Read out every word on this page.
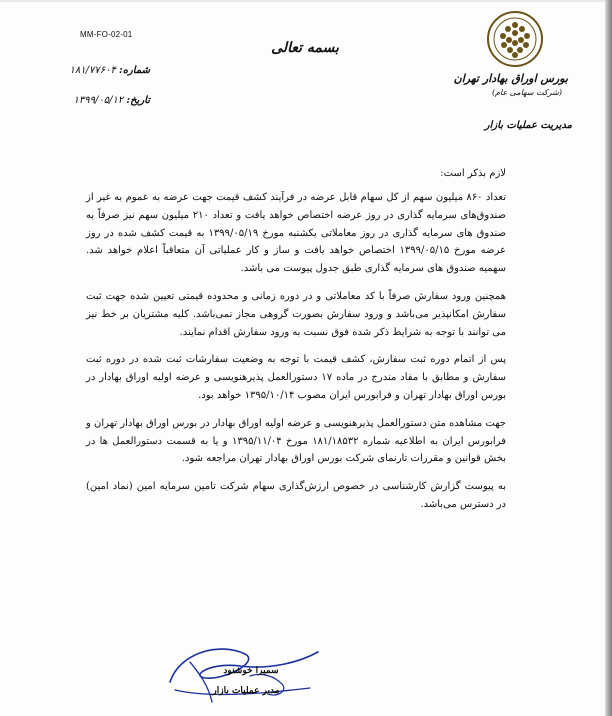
MM-FO-02-01
شماره: ۱۸۱/۷۷۶۰۴
تاریخ: ۱۳۹۹/۰۵/۱۲
بسمه تعالی
بورس اوراق بهادار تهران
(شرکت سهامی عام)
مدیریت عملیات بازار
لازم بذکر است:

تعداد ۸۶۰ میلیون سهم از کل سهام قابل عرضه در فرآیند کشف قیمت جهت عرضه به عموم به غیر از صندوق‌های سرمایه گذاری در روز عرضه اختصاص خواهد یافت و تعداد ۲۱۰ میلیون سهم نیز صرفاً به صندوق های سرمایه گذاری در روز معاملاتی یکشنبه مورخ ۱۳۹۹/۰۵/۱۹ به قیمت کشف شده در روز عرضه مورخ ۱۳۹۹/۰۵/۱۵ اختصاص خواهد یافت و ساز و کار عملیاتی آن متعاقباً اعلام خواهد شد. سهمیه صندوق های سرمایه گذاری طبق جدول پیوست می باشد.

همچنین ورود سفارش صرفاً با کد معاملاتی و در دوره زمانی و محدوده قیمتی تعیین شده جهت ثبت سفارش امکانپذیر می‌باشد و ورود سفارش بصورت گروهی مجاز نمی‌باشد. کلیه مشتریان بر خط نیز می توانند با توجه به شرایط ذکر شده فوق نسبت به ورود سفارش اقدام نمایند.

پس از اتمام دوره ثبت سفارش، کشف قیمت با توجه به وضعیت سفارشات ثبت شده در دوره ثبت سفارش و مطابق با مفاد مندرج در ماده ۱۷ دستورالعمل پذیرهنویسی و عرضه اولیه اوراق بهادار در بورس اوراق بهادار تهران و فرابورس ایران مصوب ۱۳۹۵/۱۰/۱۴ خواهد بود.

جهت مشاهده متن دستورالعمل پذیرهنویسی و عرضه اولیه اوراق بهادار در بورس اوراق بهادار تهران و فرابورس ایران به اطلاعیه شماره ۱۸۱/۱۸۵۳۲ مورخ ۱۳۹۵/۱۱/۰۴ و یا به قسمت دستورالعمل ها در بخش قوانین و مقررات تارنمای شرکت بورس اوراق بهادار تهران مراجعه شود.

به پیوست گزارش کارشناسی در خصوص ارزش‌گذاری سهام شرکت تامین سرمایه امین (نماد امین) در دسترس می‌باشد.

سمیرا خوشنود
مدیر عملیات بازار
